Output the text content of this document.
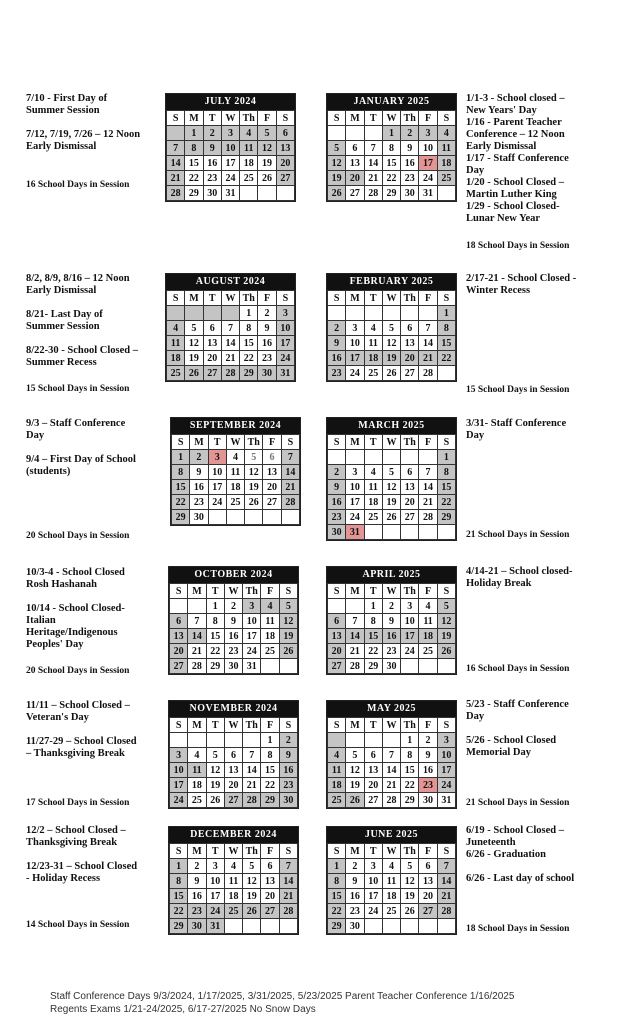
JULY 2024
S	M	T	W	Th	F	S
	1	2	3	4	5	6
7	8	9	10	11	12	13
14	15	16	17	18	19	20
21	22	23	24	25	26	27
28	29	30	31			
JANUARY 2025
S	M	T	W	Th	F	S
			1	2	3	4
5	6	7	8	9	10	11
12	13	14	15	16	17	18
19	20	21	22	23	24	25
26	27	28	29	30	31	
AUGUST 2024
S	M	T	W	Th	F	S
				1	2	3
4	5	6	7	8	9	10
11	12	13	14	15	16	17
18	19	20	21	22	23	24
25	26	27	28	29	30	31
FEBRUARY 2025
S	M	T	W	Th	F	S
						1
2	3	4	5	6	7	8
9	10	11	12	13	14	15
16	17	18	19	20	21	22
23	24	25	26	27	28	
SEPTEMBER 2024
S	M	T	W	Th	F	S
1	2	3	4	5	6	7
8	9	10	11	12	13	14
15	16	17	18	19	20	21
22	23	24	25	26	27	28
29	30					
MARCH 2025
S	M	T	W	Th	F	S
						1
2	3	4	5	6	7	8
9	10	11	12	13	14	15
16	17	18	19	20	21	22
23	24	25	26	27	28	29
30	31					
OCTOBER 2024
S	M	T	W	Th	F	S
		1	2	3	4	5
6	7	8	9	10	11	12
13	14	15	16	17	18	19
20	21	22	23	24	25	26
27	28	29	30	31		
APRIL 2025
S	M	T	W	Th	F	S
		1	2	3	4	5
6	7	8	9	10	11	12
13	14	15	16	17	18	19
20	21	22	23	24	25	26
27	28	29	30			
NOVEMBER 2024
S	M	T	W	Th	F	S
					1	2
3	4	5	6	7	8	9
10	11	12	13	14	15	16
17	18	19	20	21	22	23
24	25	26	27	28	29	30
MAY 2025
S	M	T	W	Th	F	S
				1	2	3
4	5	6	7	8	9	10
11	12	13	14	15	16	17
18	19	20	21	22	23	24
25	26	27	28	29	30	31
DECEMBER 2024
S	M	T	W	Th	F	S
1	2	3	4	5	6	7
8	9	10	11	12	13	14
15	16	17	18	19	20	21
22	23	24	25	26	27	28
29	30	31				
JUNE 2025
S	M	T	W	Th	F	S
1	2	3	4	5	6	7
8	9	10	11	12	13	14
15	16	17	18	19	20	21
22	23	24	25	26	27	28
29	30					
7/10 - First Day of
Summer Session
7/12, 7/19, 7/26 – 12 Noon
Early Dismissal
16 School Days in Session
8/2, 8/9, 8/16 – 12 Noon
Early Dismissal
8/21- Last Day of
Summer Session
8/22-30 - School Closed –
Summer Recess
15 School Days in Session
9/3 – Staff Conference
Day
9/4 – First Day of School
(students)
20 School Days in Session
10/3-4 - School Closed
Rosh Hashanah
10/14 - School Closed-
Italian
Heritage/Indigenous
Peoples' Day
20 School Days in Session
11/11 – School Closed –
Veteran's Day
11/27-29 – School Closed
– Thanksgiving Break
17 School Days in Session
12/2 – School Closed –
Thanksgiving Break
12/23-31 – School Closed
- Holiday Recess
14 School Days in Session
1/1-3 - School closed –
New Years' Day
1/16 - Parent Teacher
Conference – 12 Noon
Early Dismissal
1/17 - Staff Conference
Day
1/20 - School Closed –
Martin Luther King
1/29 - School Closed-
Lunar New Year
18 School Days in Session
2/17-21 - School Closed -
Winter Recess
15 School Days in Session
3/31- Staff Conference
Day
21 School Days in Session
4/14-21 – School closed-
Holiday Break
16 School Days in Session
5/23 - Staff Conference
Day
5/26 - School Closed
Memorial Day
21 School Days in Session
6/19 - School Closed –
Juneteenth
6/26 - Graduation
6/26 - Last day of school
18 School Days in Session
Staff Conference Days 9/3/2024, 1/17/2025, 3/31/2025, 5/23/2025 Parent Teacher Conference 1/16/2025
Regents Exams 1/21-24/2025, 6/17-27/2025 No Snow Days
